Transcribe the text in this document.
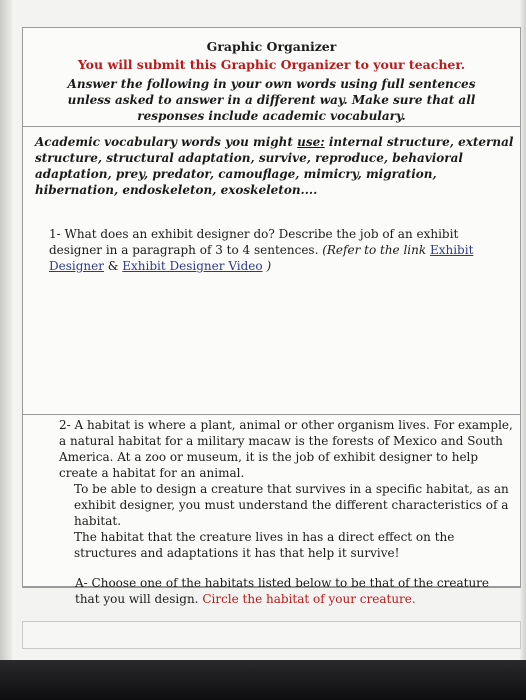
Graphic Organizer
You will submit this Graphic Organizer to your teacher.
Answer the following in your own words using full sentences unless asked to answer in a different way. Make sure that all responses include academic vocabulary.
Academic vocabulary words you might use: internal structure, external structure, structural adaptation, survive, reproduce, behavioral adaptation, prey, predator, camouflage, mimicry, migration, hibernation, endoskeleton, exoskeleton....
1- What does an exhibit designer do? Describe the job of an exhibit designer in a paragraph of 3 to 4 sentences. (Refer to the link Exhibit Designer & Exhibit Designer Video )
2- A habitat is where a plant, animal or other organism lives. For example, a natural habitat for a military macaw is the forests of Mexico and South America. At a zoo or museum, it is the job of exhibit designer to help create a habitat for an animal.
To be able to design a creature that survives in a specific habitat, as an exhibit designer, you must understand the different characteristics of a habitat.
The habitat that the creature lives in has a direct effect on the structures and adaptations it has that help it survive!
A- Choose one of the habitats listed below to be that of the creature that you will design. Circle the habitat of your creature.
